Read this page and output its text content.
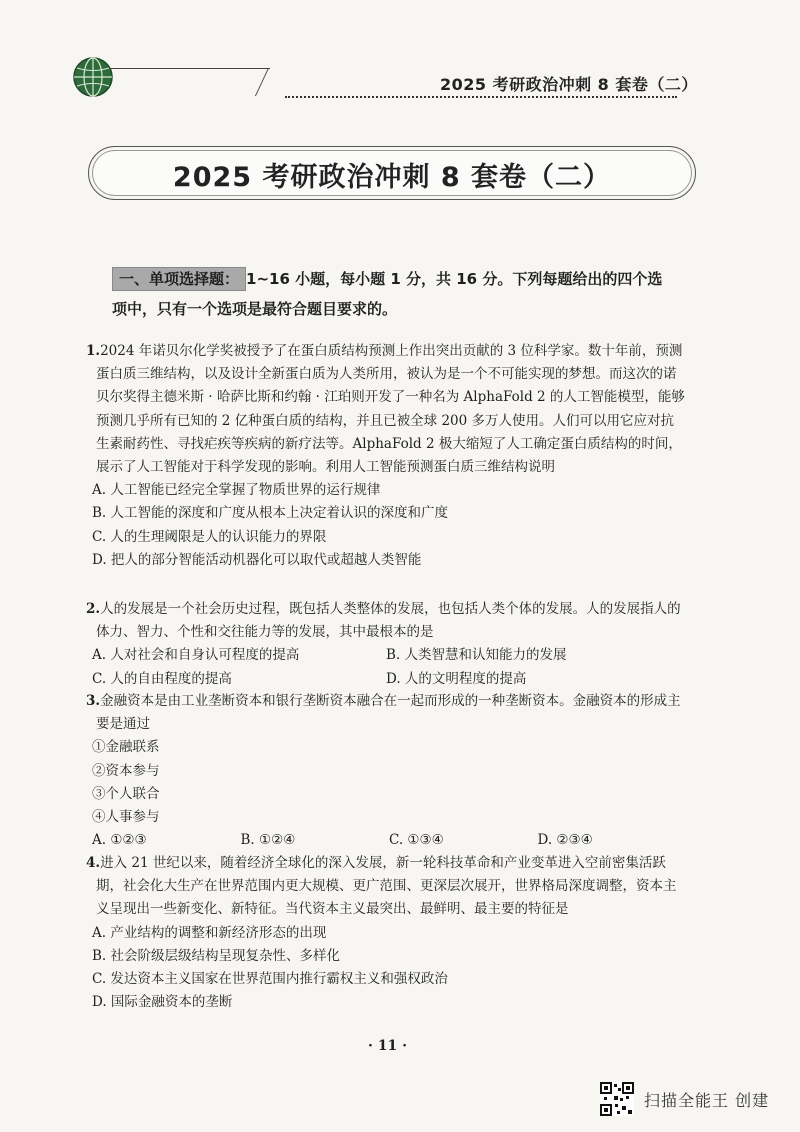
2025 考研政治冲刺 8 套卷（二）
2025 考研政治冲刺 8 套卷（二）
一、单项选择题： 1~16 小题，每小题 1 分，共 16 分。下列每题给出的四个选项中，只有一个选项是最符合题目要求的。
1.2024 年诺贝尔化学奖被授予了在蛋白质结构预测上作出突出贡献的 3 位科学家。数十年前，预测蛋白质三维结构，以及设计全新蛋白质为人类所用，被认为是一个不可能实现的梦想。而这次的诺贝尔奖得主德米斯 · 哈萨比斯和约翰 · 江珀则开发了一种名为 AlphaFold 2 的人工智能模型，能够预测几乎所有已知的 2 亿种蛋白质的结构，并且已被全球 200 多万人使用。人们可以用它应对抗生素耐药性、寻找疟疾等疾病的新疗法等。AlphaFold 2 极大缩短了人工确定蛋白质结构的时间，展示了人工智能对于科学发现的影响。利用人工智能预测蛋白质三维结构说明
A. 人工智能已经完全掌握了物质世界的运行规律
B. 人工智能的深度和广度从根本上决定着认识的深度和广度
C. 人的生理阈限是人的认识能力的界限
D. 把人的部分智能活动机器化可以取代或超越人类智能
2.人的发展是一个社会历史过程，既包括人类整体的发展，也包括人类个体的发展。人的发展指人的体力、智力、个性和交往能力等的发展，其中最根本的是
A. 人对社会和自身认可程度的提高	B. 人类智慧和认知能力的发展
C. 人的自由程度的提高	D. 人的文明程度的提高
3.金融资本是由工业垄断资本和银行垄断资本融合在一起而形成的一种垄断资本。金融资本的形成主要是通过
①金融联系
②资本参与
③个人联合
④人事参与
A. ①②③	B. ①②④	C. ①③④	D. ②③④
4.进入 21 世纪以来，随着经济全球化的深入发展，新一轮科技革命和产业变革进入空前密集活跃期，社会化大生产在世界范围内更大规模、更广范围、更深层次展开，世界格局深度调整，资本主义呈现出一些新变化、新特征。当代资本主义最突出、最鲜明、最主要的特征是
A. 产业结构的调整和新经济形态的出现
B. 社会阶级层级结构呈现复杂性、多样化
C. 发达资本主义国家在世界范围内推行霸权主义和强权政治
D. 国际金融资本的垄断
· 11 ·
扫描全能王 创建
